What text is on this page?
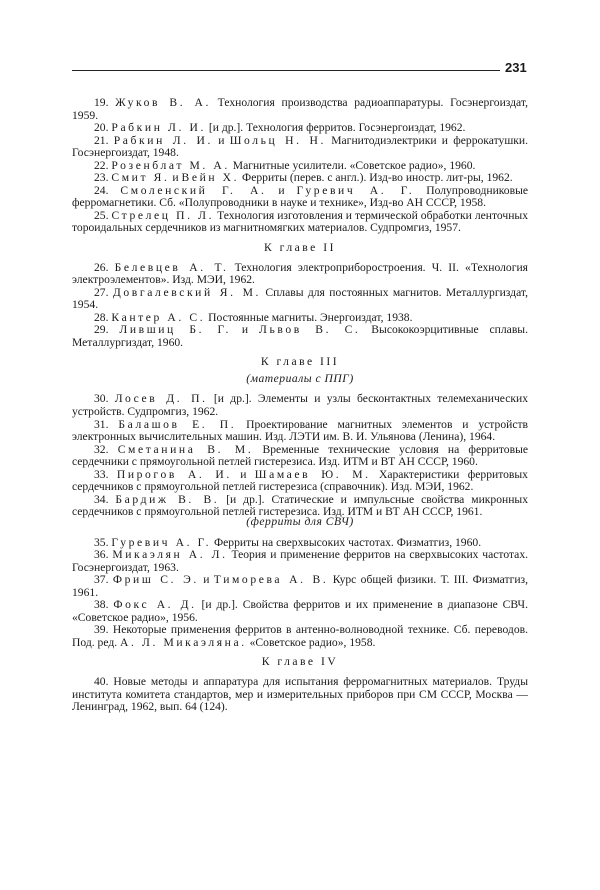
231

19. Жуков В. А. Технология производства радиоаппаратуры. Госэнергоиздат, 1959.

20. Рабкин Л. И. [и др.]. Технология ферритов. Госэнергоиздат, 1962.

21. Рабкин Л. И. и Шольц Н. Н. Магнитодиэлектрики и феррокатушки. Госэнергоиздат, 1948.

22. Розенблат М. А. Магнитные усилители. «Советское радио», 1960.

23. Смит Я. и Вейн Х. Ферриты (перев. с англ.). Изд-во иностр. лит-ры, 1962.

24. Смоленский Г. А. и Гуревич А. Г. Полупроводниковые ферромагнетики. Сб. «Полупроводники в науке и технике», Изд-во АН СССР, 1958.

25. Стрелец П. Л. Технология изготовления и термической обработки ленточных тороидальных сердечников из магнитномягких материалов. Судпромгиз, 1957.

К главе II

26. Белевцев А. Т. Технология электроприборостроения. Ч. II. «Технология электроэлементов». Изд. МЭИ, 1962.

27. Довгалевский Я. М. Сплавы для постоянных магнитов. Металлургиздат, 1954.

28. Кантер А. С. Постоянные магниты. Энергоиздат, 1938.

29. Лившиц Б. Г. и Львов В. С. Высококоэрцитивные сплавы. Металлургиздат, 1960.

К главе III
(материалы с ППГ)

30. Лосев Д. П. [и др.]. Элементы и узлы бесконтактных телемеханических устройств. Судпромгиз, 1962.

31. Балашов Е. П. Проектирование магнитных элементов и устройств электронных вычислительных машин. Изд. ЛЭТИ им. В. И. Ульянова (Ленина), 1964.

32. Сметанина В. М. Временные технические условия на ферритовые сердечники с прямоугольной петлей гистерезиса. Изд. ИТМ и ВТ АН СССР, 1960.

33. Пирогов А. И. и Шамаев Ю. М. Характеристики ферритовых сердечников с прямоугольной петлей гистерезиса (справочник). Изд. МЭИ, 1962.

34. Бардиж В. В. [и др.]. Статические и импульсные свойства микронных сердечников с прямоугольной петлей гистерезиса. Изд. ИТМ и ВТ АН СССР, 1961.

(ферриты для СВЧ)

35. Гуревич А. Г. Ферриты на сверхвысоких частотах. Физматгиз, 1960.

36. Микаэлян А. Л. Теория и применение ферритов на сверхвысоких частотах. Госэнергоиздат, 1963.

37. Фриш С. Э. и Тиморева А. В. Курс общей физики. Т. III. Физматгиз, 1961.

38. Фокс А. Д. [и др.]. Свойства ферритов и их применение в диапазоне СВЧ. «Советское радио», 1956.

39. Некоторые применения ферритов в антенно-волноводной технике. Сб. переводов. Под. ред. А. Л. Микаэляна. «Советское радио», 1958.

К главе IV

40. Новые методы и аппаратура для испытания ферромагнитных материалов. Труды института комитета стандартов, мер и измерительных приборов при СМ СССР, Москва — Ленинград, 1962, вып. 64 (124).
